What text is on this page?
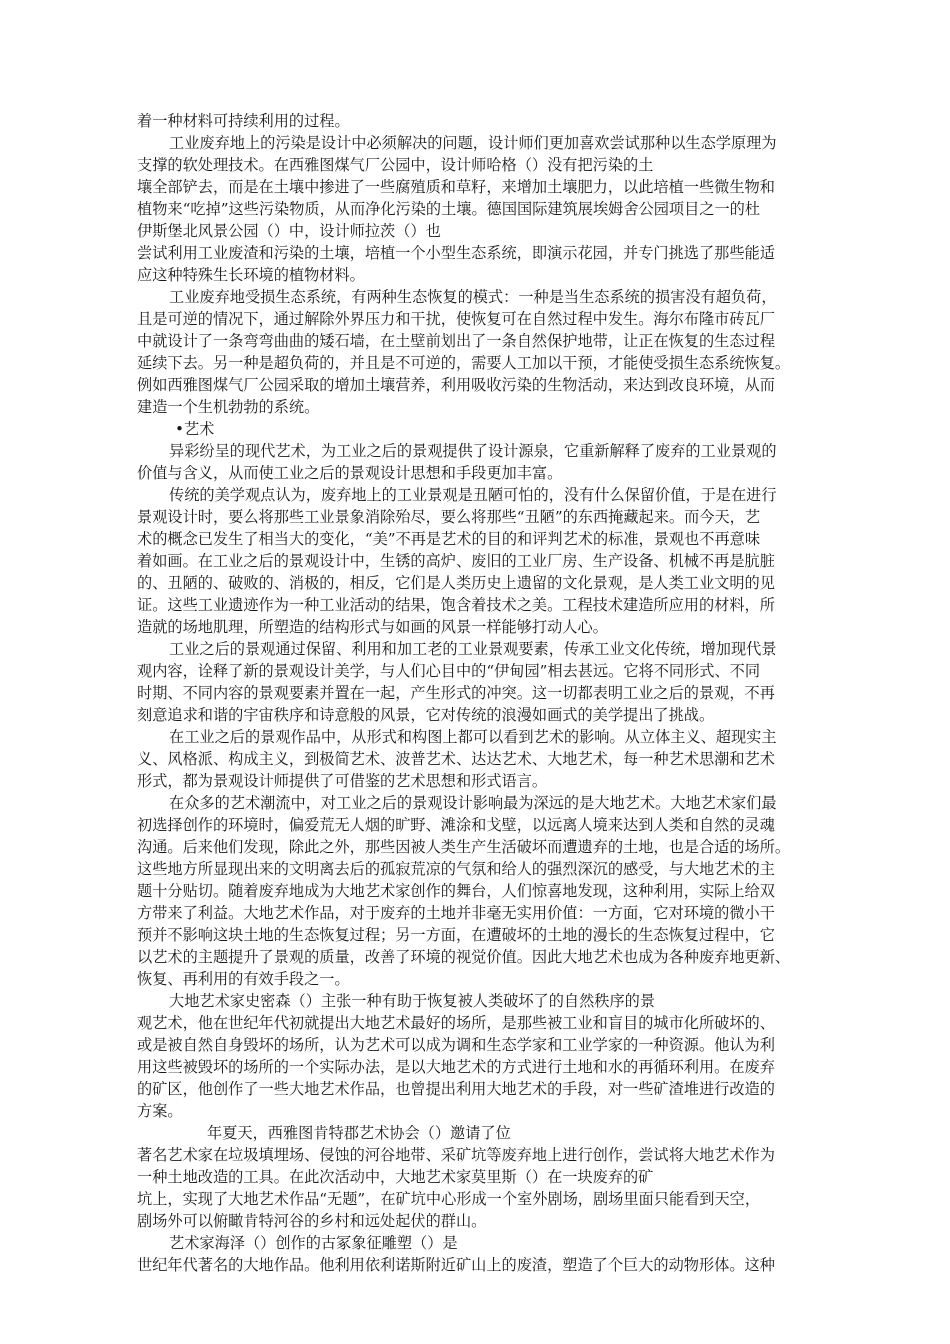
着一种材料可持续利用的过程。
工业废弃地上的污染是设计中必须解决的问题，设计师们更加喜欢尝试那种以生态学原理为
支撑的软处理技术。在西雅图煤气厂公园中，设计师哈格（）没有把污染的土
壤全部铲去，而是在土壤中掺进了一些腐殖质和草籽，来增加土壤肥力，以此培植一些微生物和
植物来“吃掉”这些污染物质，从而净化污染的土壤。德国国际建筑展埃姆舍公园项目之一的杜
伊斯堡北风景公园（）中，设计师拉茨（）也
尝试利用工业废渣和污染的土壤，培植一个小型生态系统，即演示花园，并专门挑选了那些能适
应这种特殊生长环境的植物材料。
工业废弃地受损生态系统，有两种生态恢复的模式：一种是当生态系统的损害没有超负荷，
且是可逆的情况下，通过解除外界压力和干扰，使恢复可在自然过程中发生。海尔布隆市砖瓦厂
中就设计了一条弯弯曲曲的矮石墙，在土壁前划出了一条自然保护地带，让正在恢复的生态过程
延续下去。另一种是超负荷的，并且是不可逆的，需要人工加以干预，才能使受损生态系统恢复。
例如西雅图煤气厂公园采取的增加土壤营养，利用吸收污染的生物活动，来达到改良环境，从而
建造一个生机勃勃的系统。
•艺术
异彩纷呈的现代艺术，为工业之后的景观提供了设计源泉，它重新解释了废弃的工业景观的
价值与含义，从而使工业之后的景观设计思想和手段更加丰富。
传统的美学观点认为，废弃地上的工业景观是丑陋可怕的，没有什么保留价值，于是在进行
景观设计时，要么将那些工业景象消除殆尽，要么将那些“丑陋”的东西掩藏起来。而今天，艺
术的概念已发生了相当大的变化，“美”不再是艺术的目的和评判艺术的标准，景观也不再意味
着如画。在工业之后的景观设计中，生锈的高炉、废旧的工业厂房、生产设备、机械不再是肮脏
的、丑陋的、破败的、消极的，相反，它们是人类历史上遗留的文化景观，是人类工业文明的见
证。这些工业遗迹作为一种工业活动的结果，饱含着技术之美。工程技术建造所应用的材料，所
造就的场地肌理，所塑造的结构形式与如画的风景一样能够打动人心。
工业之后的景观通过保留、利用和加工老的工业景观要素，传承工业文化传统，增加现代景
观内容，诠释了新的景观设计美学，与人们心目中的“伊甸园”相去甚远。它将不同形式、不同
时期、不同内容的景观要素并置在一起，产生形式的冲突。这一切都表明工业之后的景观，不再
刻意追求和谐的宇宙秩序和诗意般的风景，它对传统的浪漫如画式的美学提出了挑战。
在工业之后的景观作品中，从形式和构图上都可以看到艺术的影响。从立体主义、超现实主
义、风格派、构成主义，到极简艺术、波普艺术、达达艺术、大地艺术，每一种艺术思潮和艺术
形式，都为景观设计师提供了可借鉴的艺术思想和形式语言。
在众多的艺术潮流中，对工业之后的景观设计影响最为深远的是大地艺术。大地艺术家们最
初选择创作的环境时，偏爱荒无人烟的旷野、滩涂和戈壁，以远离人境来达到人类和自然的灵魂
沟通。后来他们发现，除此之外，那些因被人类生产生活破坏而遭遗弃的土地，也是合适的场所。
这些地方所显现出来的文明离去后的孤寂荒凉的气氛和给人的强烈深沉的感受，与大地艺术的主
题十分贴切。随着废弃地成为大地艺术家创作的舞台，人们惊喜地发现，这种利用，实际上给双
方带来了利益。大地艺术作品，对于废弃的土地并非毫无实用价值：一方面，它对环境的微小干
预并不影响这块土地的生态恢复过程；另一方面，在遭破坏的土地的漫长的生态恢复过程中，它
以艺术的主题提升了景观的质量，改善了环境的视觉价值。因此大地艺术也成为各种废弃地更新、
恢复、再利用的有效手段之一。
大地艺术家史密森（）主张一种有助于恢复被人类破坏了的自然秩序的景
观艺术，他在世纪年代初就提出大地艺术最好的场所，是那些被工业和盲目的城市化所破坏的、
或是被自然自身毁坏的场所，认为艺术可以成为调和生态学家和工业学家的一种资源。他认为利
用这些被毁坏的场所的一个实际办法，是以大地艺术的方式进行土地和水的再循环利用。在废弃
的矿区，他创作了一些大地艺术作品，也曾提出利用大地艺术的手段，对一些矿渣堆进行改造的
方案。
年夏天，西雅图肯特郡艺术协会（）邀请了位
著名艺术家在垃圾填埋场、侵蚀的河谷地带、采矿坑等废弃地上进行创作，尝试将大地艺术作为
一种土地改造的工具。在此次活动中，大地艺术家莫里斯（）在一块废弃的矿
坑上，实现了大地艺术作品“无题”，在矿坑中心形成一个室外剧场，剧场里面只能看到天空，
剧场外可以俯瞰肯特河谷的乡村和远处起伏的群山。
艺术家海泽（）创作的古冢象征雕塑（）是
世纪年代著名的大地作品。他利用依利诺斯附近矿山上的废渣，塑造了个巨大的动物形体。这种
